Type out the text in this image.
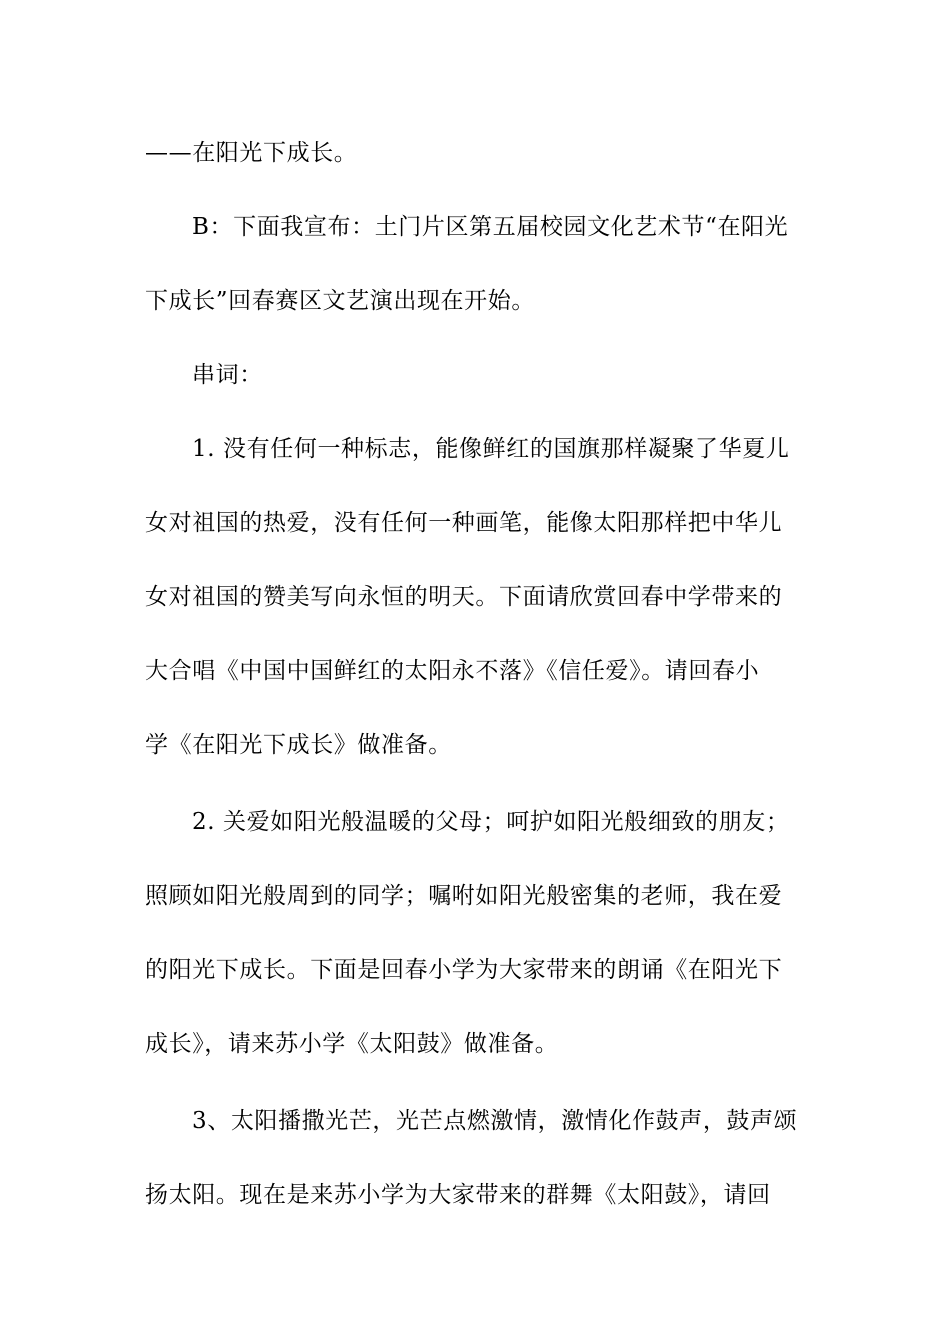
——在阳光下成长。
B：下面我宣布：土门片区第五届校园文化艺术节“在阳光
下成长”回春赛区文艺演出现在开始。
串词：
1. 没有任何一种标志，能像鲜红的国旗那样凝聚了华夏儿
女对祖国的热爱，没有任何一种画笔，能像太阳那样把中华儿
女对祖国的赞美写向永恒的明天。下面请欣赏回春中学带来的
大合唱《中国中国鲜红的太阳永不落》《信任爱》。请回春小
学《在阳光下成长》做准备。
2. 关爱如阳光般温暖的父母；呵护如阳光般细致的朋友；
照顾如阳光般周到的同学；嘱咐如阳光般密集的老师，我在爱
的阳光下成长。下面是回春小学为大家带来的朗诵《在阳光下
成长》，请来苏小学《太阳鼓》做准备。
3、太阳播撒光芒，光芒点燃激情，激情化作鼓声，鼓声颂
扬太阳。现在是来苏小学为大家带来的群舞《太阳鼓》，请回
